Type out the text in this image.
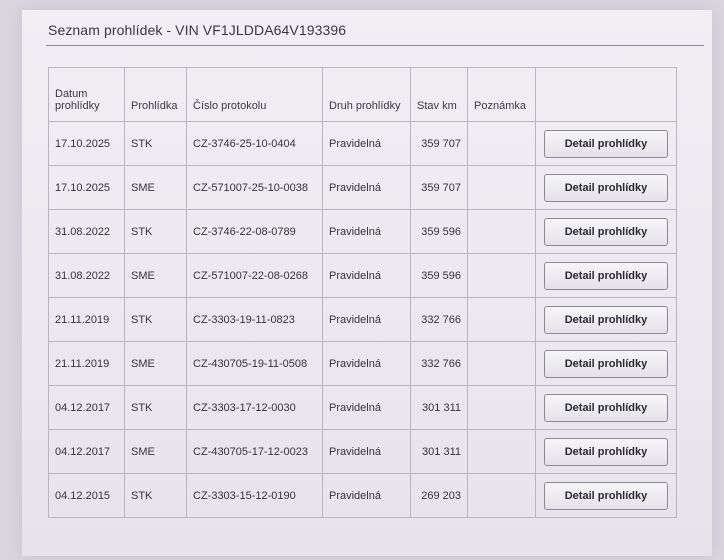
Seznam prohlídek - VIN VF1JLDDA64V193396
Datum prohlídky	Prohlídka	Číslo protokolu	Druh prohlídky	Stav km	Poznámka	
17.10.2025	STK	CZ-3746-25-10-0404	Pravidelná	359 707		Detail prohlídky

17.10.2025	SME	CZ-571007-25-10-0038	Pravidelná	359 707		Detail prohlídky

31.08.2022	STK	CZ-3746-22-08-0789	Pravidelná	359 596		Detail prohlídky

31.08.2022	SME	CZ-571007-22-08-0268	Pravidelná	359 596		Detail prohlídky

21.11.2019	STK	CZ-3303-19-11-0823	Pravidelná	332 766		Detail prohlídky

21.11.2019	SME	CZ-430705-19-11-0508	Pravidelná	332 766		Detail prohlídky

04.12.2017	STK	CZ-3303-17-12-0030	Pravidelná	301 311		Detail prohlídky

04.12.2017	SME	CZ-430705-17-12-0023	Pravidelná	301 311		Detail prohlídky

04.12.2015	STK	CZ-3303-15-12-0190	Pravidelná	269 203		Detail prohlídky
